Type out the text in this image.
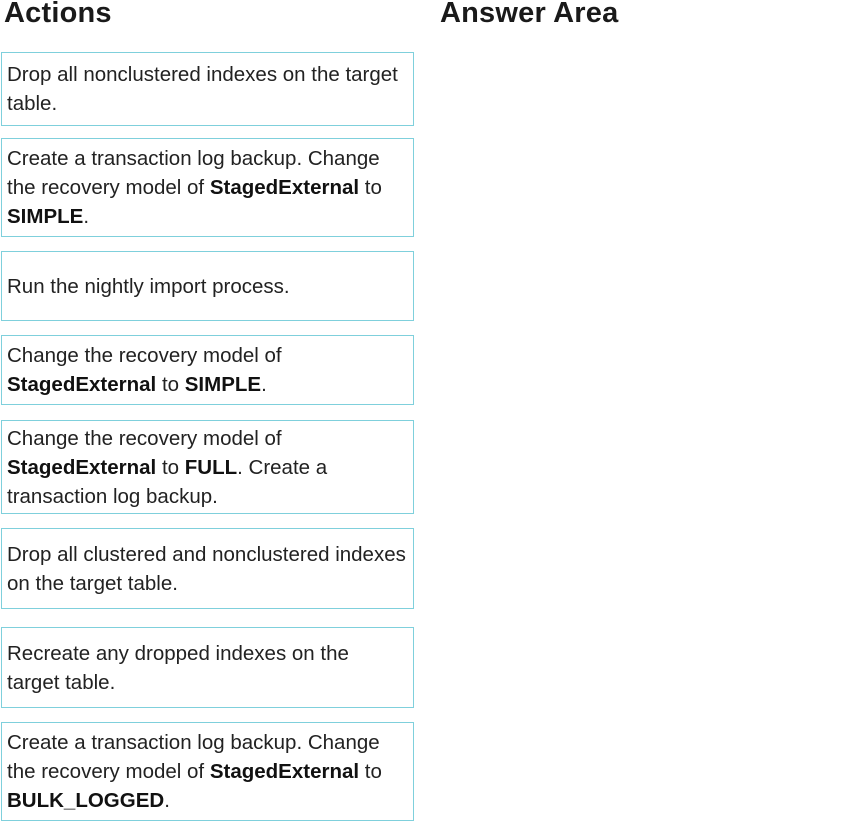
Actions	Answer Area
Drop all nonclustered indexes on the target table.
Create a transaction log backup. Change the recovery model of StagedExternal to SIMPLE.
Run the nightly import process.
Change the recovery model of StagedExternal to SIMPLE.
Change the recovery model of StagedExternal to FULL. Create a transaction log backup.
Drop all clustered and nonclustered indexes on the target table.
Recreate any dropped indexes on the target table.
Create a transaction log backup. Change the recovery model of StagedExternal to BULK_LOGGED.
